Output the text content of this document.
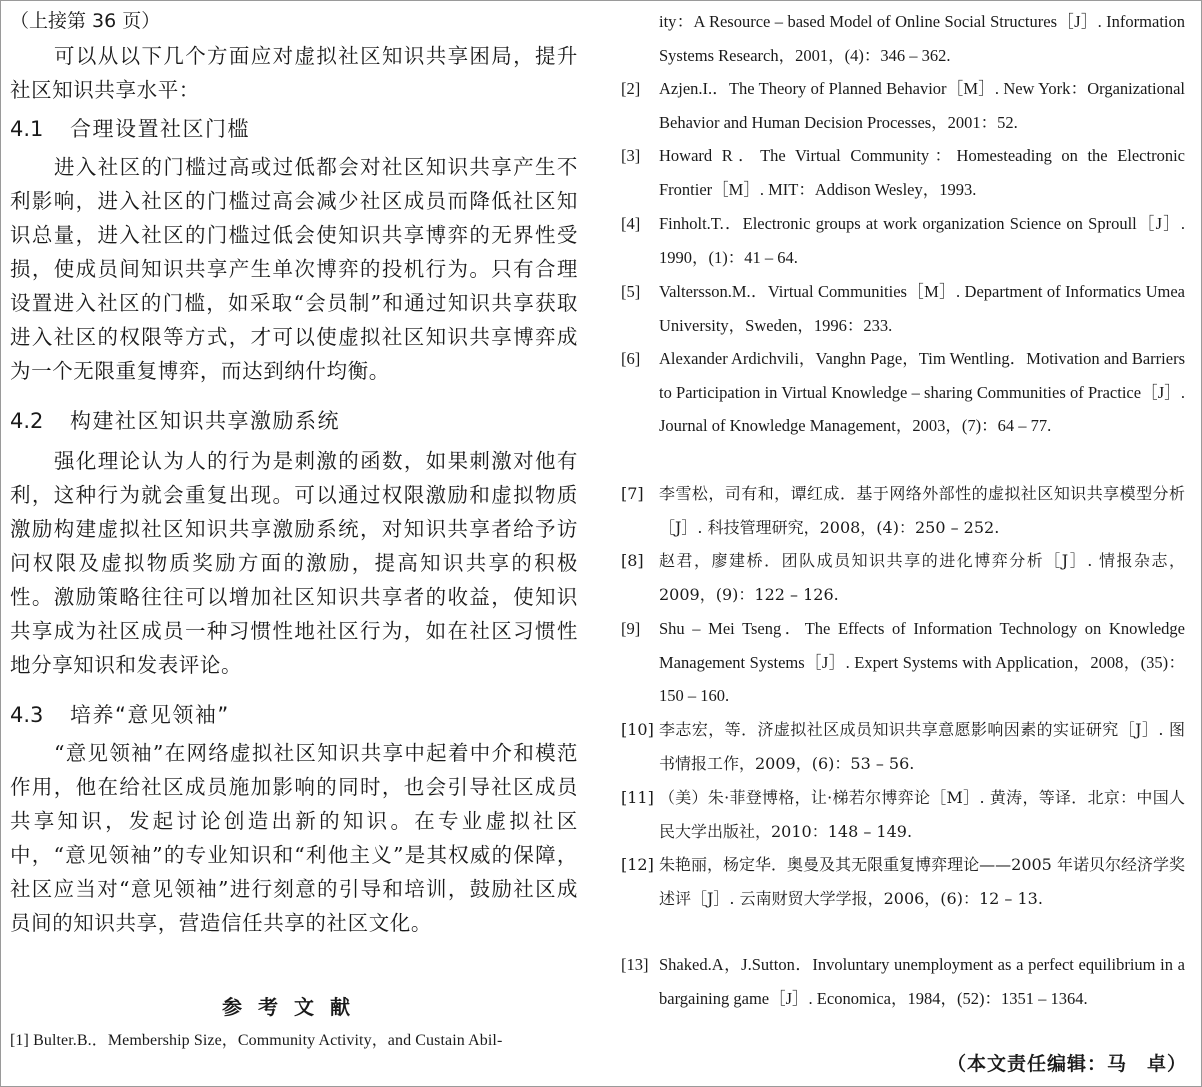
（上接第 36 页）

可以从以下几个方面应对虚拟社区知识共享困局，提升社区知识共享水平：

4.1 合理设置社区门槛

进入社区的门槛过高或过低都会对社区知识共享产生不利影响，进入社区的门槛过高会减少社区成员而降低社区知识总量，进入社区的门槛过低会使知识共享博弈的无界性受损，使成员间知识共享产生单次博弈的投机行为。只有合理设置进入社区的门槛，如采取“会员制”和通过知识共享获取进入社区的权限等方式，才可以使虚拟社区知识共享博弈成为一个无限重复博弈，而达到纳什均衡。

4.2 构建社区知识共享激励系统

强化理论认为人的行为是刺激的函数，如果刺激对他有利，这种行为就会重复出现。可以通过权限激励和虚拟物质激励构建虚拟社区知识共享激励系统，对知识共享者给予访问权限及虚拟物质奖励方面的激励，提高知识共享的积极性。激励策略往往可以增加社区知识共享者的收益，使知识共享成为社区成员一种习惯性地社区行为，如在社区习惯性地分享知识和发表评论。

4.3 培养“意见领袖”

“意见领袖”在网络虚拟社区知识共享中起着中介和模范作用，他在给社区成员施加影响的同时，也会引导社区成员共享知识，发起讨论创造出新的知识。在专业虚拟社区中，“意见领袖”的专业知识和“利他主义”是其权威的保障，社区应当对“意见领袖”进行刻意的引导和培训，鼓励社区成员间的知识共享，营造信任共享的社区文化。

参考文献
[1] Bulter.B.．Membership Size，Community Activity，and Custain Abil-
ity：A Resource – based Model of Online Social Structures［J］. Information Systems Research，2001，(4)：346 – 362.
[2] Azjen.I.．The Theory of Planned Behavior［M］. New York：Organizational Behavior and Human Decision Processes，2001：52.
[3] Howard R．The Virtual Community：Homesteading on the Electronic Frontier［M］. MIT：Addison Wesley，1993.
[4] Finholt.T.．Electronic groups at work organization Science on Sproull［J］. 1990，(1)：41 – 64.
[5] Valtersson.M.．Virtual Communities［M］. Department of Informatics Umea University，Sweden，1996：233.
[6] Alexander Ardichvili，Vanghn Page，Tim Wentling．Motivation and Barriers to Participation in Virtual Knowledge – sharing Communities of Practice［J］. Journal of Knowledge Management，2003，(7)：64 – 77.
[7] 李雪松，司有和，谭红成．基于网络外部性的虚拟社区知识共享模型分析［J］. 科技管理研究，2008，(4)：250 – 252.
[8] 赵君，廖建桥．团队成员知识共享的进化博弈分析［J］. 情报杂志，2009，(9)：122 – 126.
[9] Shu – Mei Tseng．The Effects of Information Technology on Knowledge Management Systems［J］. Expert Systems with Application，2008，(35)：150 – 160.
[10] 李志宏，等．济虚拟社区成员知识共享意愿影响因素的实证研究［J］. 图书情报工作，2009，(6)：53 – 56.
[11] （美）朱·菲登博格，让·梯若尔博弈论［M］. 黄涛，等译．北京：中国人民大学出版社，2010：148 – 149.
[12] 朱艳丽，杨定华．奥曼及其无限重复博弈理论——2005 年诺贝尔经济学奖述评［J］. 云南财贸大学学报，2006，(6)：12 – 13.
[13] Shaked.A，J.Sutton．Involuntary unemployment as a perfect equilibrium in a bargaining game［J］. Economica，1984，(52)：1351 – 1364.
（本文责任编辑：马　卓）
